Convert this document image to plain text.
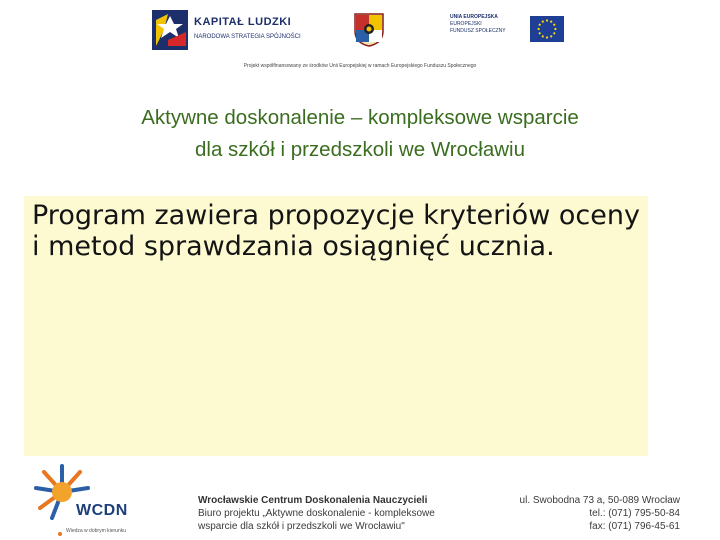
KAPITAŁ LUDZKI
NARODOWA STRATEGIA SPÓJNOŚCI
UNIA EUROPEJSKA
EUROPEJSKI
FUNDUSZ SPOŁECZNY
Projekt współfinansowany ze środków Unii Europejskiej w ramach Europejskiego Funduszu Społecznego
Aktywne doskonalenie – kompleksowe wsparcie
dla szkół i przedszkoli we Wrocławiu

Program zawiera propozycje kryteriów oceny i metod sprawdzania osiągnięć ucznia.

WCDN
Wiedza w dobrym kierunku
Wrocławskie Centrum Doskonalenia Nauczycieli
Biuro projektu „Aktywne doskonalenie - kompleksowe
wsparcie dla szkół i przedszkoli we Wrocławiu"
ul. Swobodna 73 a, 50-089 Wrocław
tel.: (071) 795-50-84
fax: (071) 796-45-61
